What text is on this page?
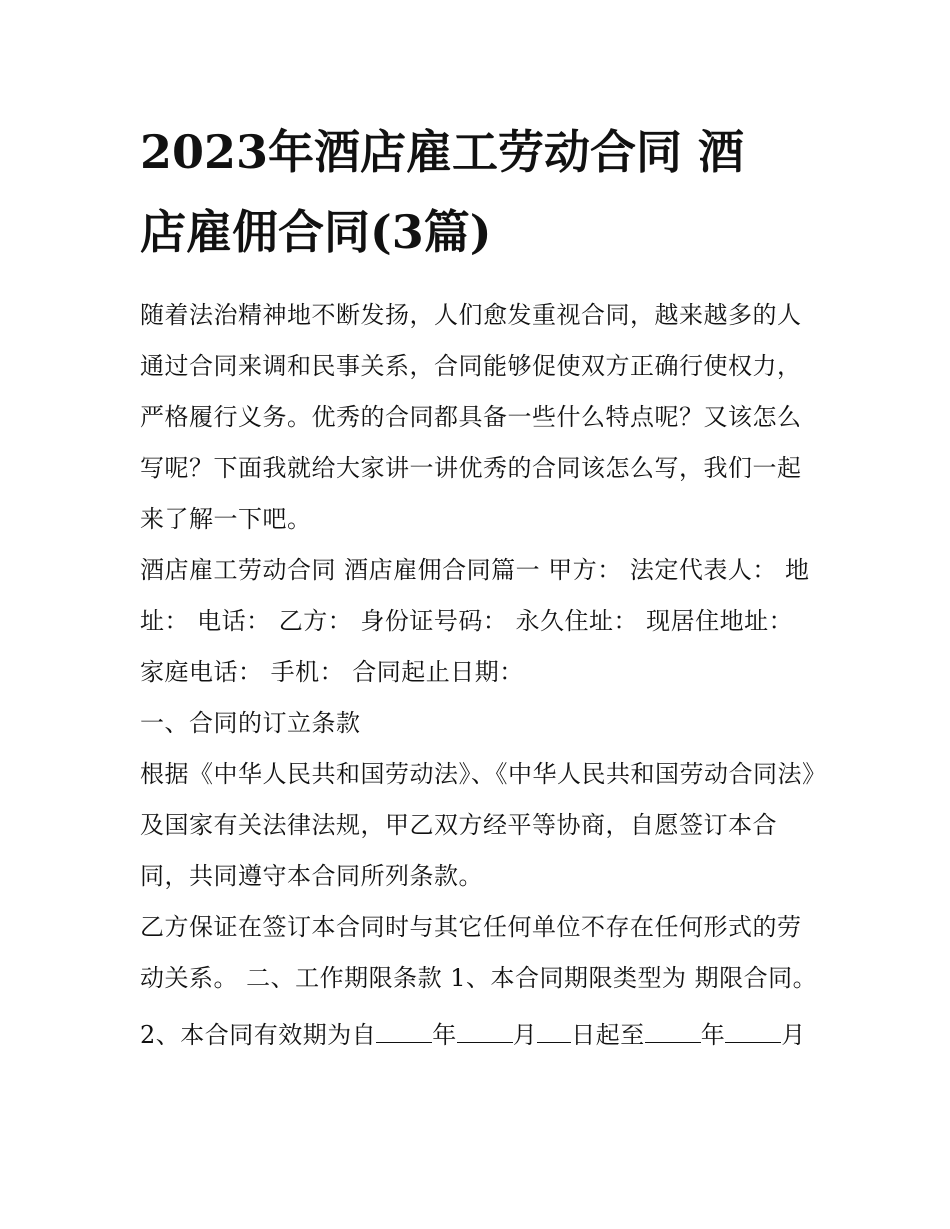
2023年酒店雇工劳动合同 酒
店雇佣合同(3篇)

随着法治精神地不断发扬，人们愈发重视合同，越来越多的人通过合同来调和民事关系，合同能够促使双方正确行使权力，严格履行义务。优秀的合同都具备一些什么特点呢？又该怎么写呢？下面我就给大家讲一讲优秀的合同该怎么写，我们一起来了解一下吧。

酒店雇工劳动合同 酒店雇佣合同篇一 甲方： 法定代表人： 地址： 电话： 乙方： 身份证号码： 永久住址： 现居住地址： 家庭电话： 手机： 合同起止日期：

一、合同的订立条款

根据《中华人民共和国劳动法》、《中华人民共和国劳动合同法》及国家有关法律法规，甲乙双方经平等协商，自愿签订本合同，共同遵守本合同所列条款。

乙方保证在签订本合同时与其它任何单位不存在任何形式的劳动关系。 二、工作期限条款 1、本合同期限类型为 期限合同。

2、本合同有效期为自 年 月 日起至 年 月
